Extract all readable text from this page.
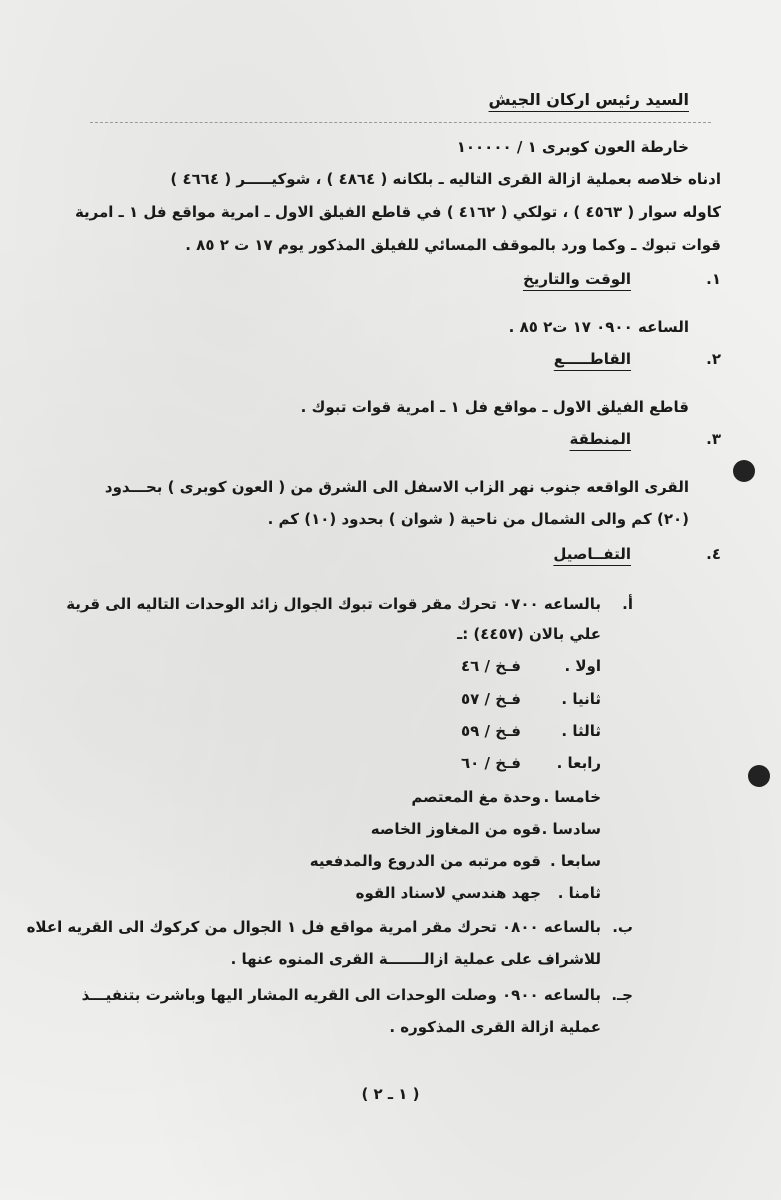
السيد رئيس اركان الجيش
خارطة العون كوبرى ١ / ١٠٠٠٠٠
ادناه خلاصه بعملية ازالة القرى التاليه ـ بلكانه ( ٤٨٦٤ ) ، شوكيـــــر ( ٤٦٦٤ )
كاوله سوار ( ٤٥٦٣ ) ، تولكي ( ٤١٦٢ ) في قاطع الفيلق الاول ـ امرية مواقع فل ١ ـ امرية
قوات تبوك ـ وكما ورد بالموقف المسائي للفيلق المذكور يوم ١٧ ت ٢ ٨٥ .
١.
الوقت والتاريخ
الساعه ٠٩٠٠ ١٧ ت٢ ٨٥ .
٢.
القاطـــــع
قاطع الفيلق الاول ـ مواقع فل ١ ـ امرية قوات تبوك .
٣.
المنطقة
القرى الواقعه جنوب نهر الزاب الاسفل الى الشرق من ( العون كوبرى ) بحـــدود
(٢٠) كم والى الشمال من ناحية ( شوان ) بحدود (١٠) كم .
٤.
التفــاصيل
أ.
بالساعه ٠٧٠٠ تحرك مقر قوات تبوك الجوال زائد الوحدات التاليه الى قرية
علي بالان (٤٤٥٧) :ـ
اولا .
فـخ / ٤٦
ثانيا .
فـخ / ٥٧
ثالثا .
فـخ / ٥٩
رابعا .
فـخ / ٦٠
خامسا .
وحدة مغ المعتصم
سادسا .
قوه من المغاوز الخاصه
سابعا .
قوه مرتبه من الدروع والمدفعيه
ثامنا .
جهد هندسي لاسناد القوه
ب.
بالساعه ٠٨٠٠ تحرك مقر امرية مواقع فل ١ الجوال من كركوك الى القريه اعلاه
للاشراف على عملية ازالـــــــة القرى المنوه عنها .
جـ.
بالساعه ٠٩٠٠ وصلت الوحدات الى القريه المشار اليها وباشرت بتنفيـــذ
عملية ازالة القرى المذكوره .
( ١ ـ ٢ )
